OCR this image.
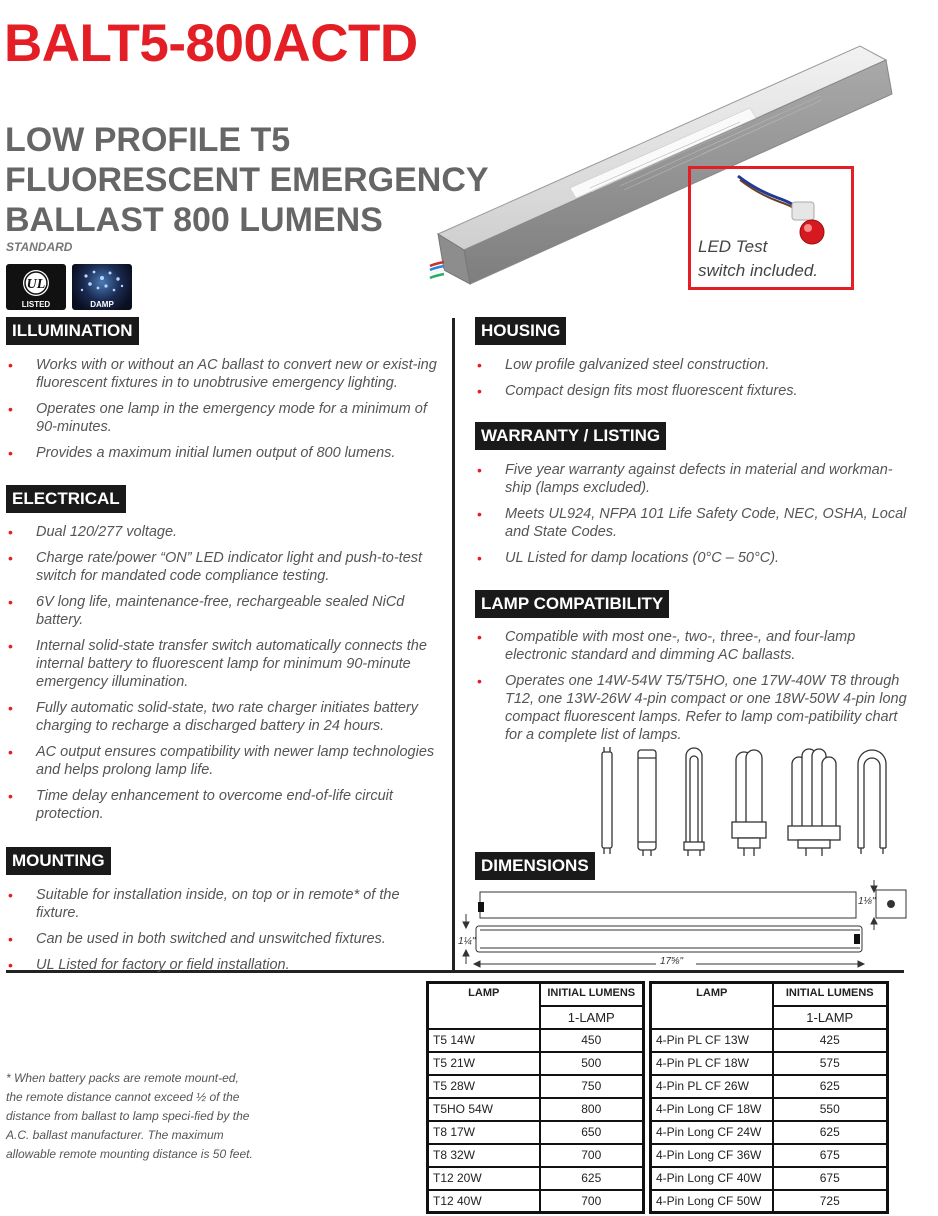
BALT5-800ACTD
LOW PROFILE T5
FLUORESCENT EMERGENCY
BALLAST 800 LUMENS
STANDARD
UL
LISTED	DAMP
LED Test
switch included.
ILLUMINATION
• Works with or without an AC ballast to convert new or exist-ing fluorescent fixtures in to unobtrusive emergency lighting.
• Operates one lamp in the emergency mode for a minimum of 90-minutes.
• Provides a maximum initial lumen output of 800 lumens.
ELECTRICAL
• Dual 120/277 voltage.
• Charge rate/power “ON” LED indicator light and push-to-test switch for mandated code compliance testing.
• 6V long life, maintenance-free, rechargeable sealed NiCd battery.
• Internal solid-state transfer switch automatically connects the internal battery to fluorescent lamp for minimum 90-minute emergency illumination.
• Fully automatic solid-state, two rate charger initiates battery charging to recharge a discharged battery in 24 hours.
• AC output ensures compatibility with newer lamp technologies and helps prolong lamp life.
• Time delay enhancement to overcome end-of-life circuit protection.
MOUNTING
• Suitable for installation inside, on top or in remote* of the fixture.
• Can be used in both switched and unswitched fixtures.
• UL Listed for factory or field installation.
HOUSING
• Low profile galvanized steel construction.
• Compact design fits most fluorescent fixtures.
WARRANTY / LISTING
• Five year warranty against defects in material and workman-ship (lamps excluded).
• Meets UL924, NFPA 101 Life Safety Code, NEC, OSHA, Local and State Codes.
• UL Listed for damp locations (0°C – 50°C).
LAMP COMPATIBILITY
• Compatible with most one-, two-, three-, and four-lamp electronic standard and dimming AC ballasts.
• Operates one 14W-54W T5/T5HO, one 17W-40W T8 through T12, one 13W-26W 4-pin compact or one 18W-50W 4-pin long compact fluorescent lamps. Refer to lamp com-patibility chart for a complete list of lamps.
DIMENSIONS
1⅛"
1¼"
17⅝"
* When battery packs are remote mount-ed, the remote distance cannot exceed ½ of the distance from ballast to lamp speci-fied by the A.C. ballast manufacturer. The maximum allowable remote mounting distance is 50 feet.
LAMP	INITIAL LUMENS
	1-LAMP
T5 14W	450
T5 21W	500
T5 28W	750
T5HO 54W	800
T8 17W	650
T8 32W	700
T12 20W	625
T12 40W	700
LAMP	INITIAL LUMENS
	1-LAMP
4-Pin PL CF 13W	425
4-Pin PL CF 18W	575
4-Pin PL CF 26W	625
4-Pin Long CF 18W	550
4-Pin Long CF 24W	625
4-Pin Long CF 36W	675
4-Pin Long CF 40W	675
4-Pin Long CF 50W	725
